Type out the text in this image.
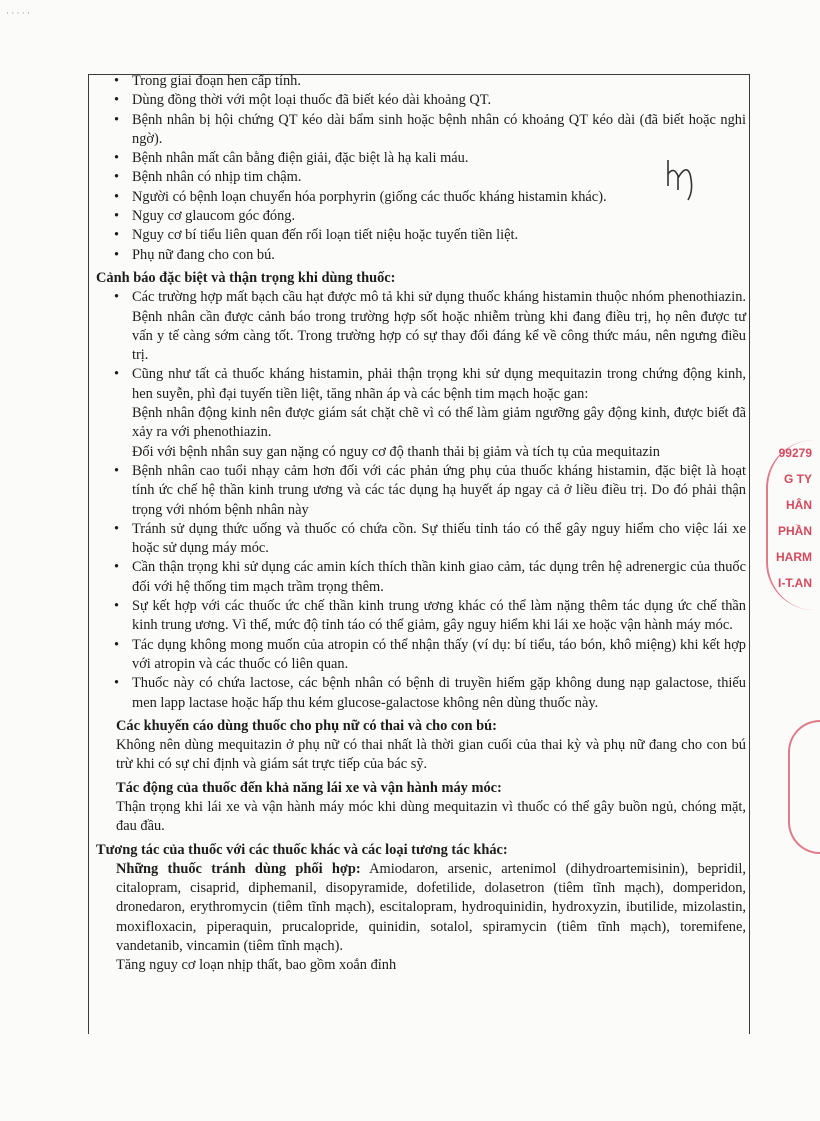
· · · · ·
• Trong giai đoạn hen cấp tính.
• Dùng đồng thời với một loại thuốc đã biết kéo dài khoảng QT.
• Bệnh nhân bị hội chứng QT kéo dài bẩm sinh hoặc bệnh nhân có khoảng QT kéo dài (đã biết hoặc nghi ngờ).
• Bệnh nhân mất cân bằng điện giải, đặc biệt là hạ kali máu.
• Bệnh nhân có nhịp tim chậm.
• Người có bệnh loạn chuyển hóa porphyrin (giống các thuốc kháng histamin khác).
• Nguy cơ glaucom góc đóng.
• Nguy cơ bí tiểu liên quan đến rối loạn tiết niệu hoặc tuyến tiền liệt.
• Phụ nữ đang cho con bú.
Cảnh báo đặc biệt và thận trọng khi dùng thuốc:
• Các trường hợp mất bạch cầu hạt được mô tả khi sử dụng thuốc kháng histamin thuộc nhóm phenothiazin. Bệnh nhân cần được cảnh báo trong trường hợp sốt hoặc nhiễm trùng khi đang điều trị, họ nên được tư vấn y tế càng sớm càng tốt. Trong trường hợp có sự thay đổi đáng kể về công thức máu, nên ngưng điều trị.
• Cũng như tất cả thuốc kháng histamin, phải thận trọng khi sử dụng mequitazin trong chứng động kinh, hen suyễn, phì đại tuyến tiền liệt, tăng nhãn áp và các bệnh tim mạch hoặc gan:
Bệnh nhân động kinh nên được giám sát chặt chẽ vì có thể làm giảm ngưỡng gây động kinh, được biết đã xảy ra với phenothiazin.
Đối với bệnh nhân suy gan nặng có nguy cơ độ thanh thải bị giảm và tích tụ của mequitazin
• Bệnh nhân cao tuổi nhạy cảm hơn đối với các phản ứng phụ của thuốc kháng histamin, đặc biệt là hoạt tính ức chế hệ thần kinh trung ương và các tác dụng hạ huyết áp ngay cả ở liều điều trị. Do đó phải thận trọng với nhóm bệnh nhân này
• Tránh sử dụng thức uống và thuốc có chứa cồn. Sự thiếu tỉnh táo có thể gây nguy hiểm cho việc lái xe hoặc sử dụng máy móc.
• Cần thận trọng khi sử dụng các amin kích thích thần kinh giao cảm, tác dụng trên hệ adrenergic của thuốc đối với hệ thống tim mạch trầm trọng thêm.
• Sự kết hợp với các thuốc ức chế thần kinh trung ương khác có thể làm nặng thêm tác dụng ức chế thần kinh trung ương. Vì thế, mức độ tỉnh táo có thể giảm, gây nguy hiểm khi lái xe hoặc vận hành máy móc.
• Tác dụng không mong muốn của atropin có thể nhận thấy (ví dụ: bí tiểu, táo bón, khô miệng) khi kết hợp với atropin và các thuốc có liên quan.
• Thuốc này có chứa lactose, các bệnh nhân có bệnh di truyền hiếm gặp không dung nạp galactose, thiếu men lapp lactase hoặc hấp thu kém glucose-galactose không nên dùng thuốc này.
Các khuyến cáo dùng thuốc cho phụ nữ có thai và cho con bú:
Không nên dùng mequitazin ở phụ nữ có thai nhất là thời gian cuối của thai kỳ và phụ nữ đang cho con bú trừ khi có sự chỉ định và giám sát trực tiếp của bác sỹ.
Tác động của thuốc đến khả năng lái xe và vận hành máy móc:
Thận trọng khi lái xe và vận hành máy móc khi dùng mequitazin vì thuốc có thể gây buồn ngủ, chóng mặt, đau đầu.
Tương tác của thuốc với các thuốc khác và các loại tương tác khác:
Những thuốc tránh dùng phối hợp: Amiodaron, arsenic, artenimol (dihydroartemisinin), bepridil, citalopram, cisaprid, diphemanil, disopyramide, dofetilide, dolasetron (tiêm tĩnh mạch), domperidon, dronedaron, erythromycin (tiêm tĩnh mạch), escitalopram, hydroquinidin, hydroxyzin, ibutilide, mizolastin, moxifloxacin, piperaquin, prucalopride, quinidin, sotalol, spiramycin (tiêm tĩnh mạch), toremifene, vandetanib, vincamin (tiêm tĩnh mạch).
Tăng nguy cơ loạn nhịp thất, bao gồm xoắn đỉnh
99279
G TY
HÂN
PHẦN
HARM
I-T.AN
